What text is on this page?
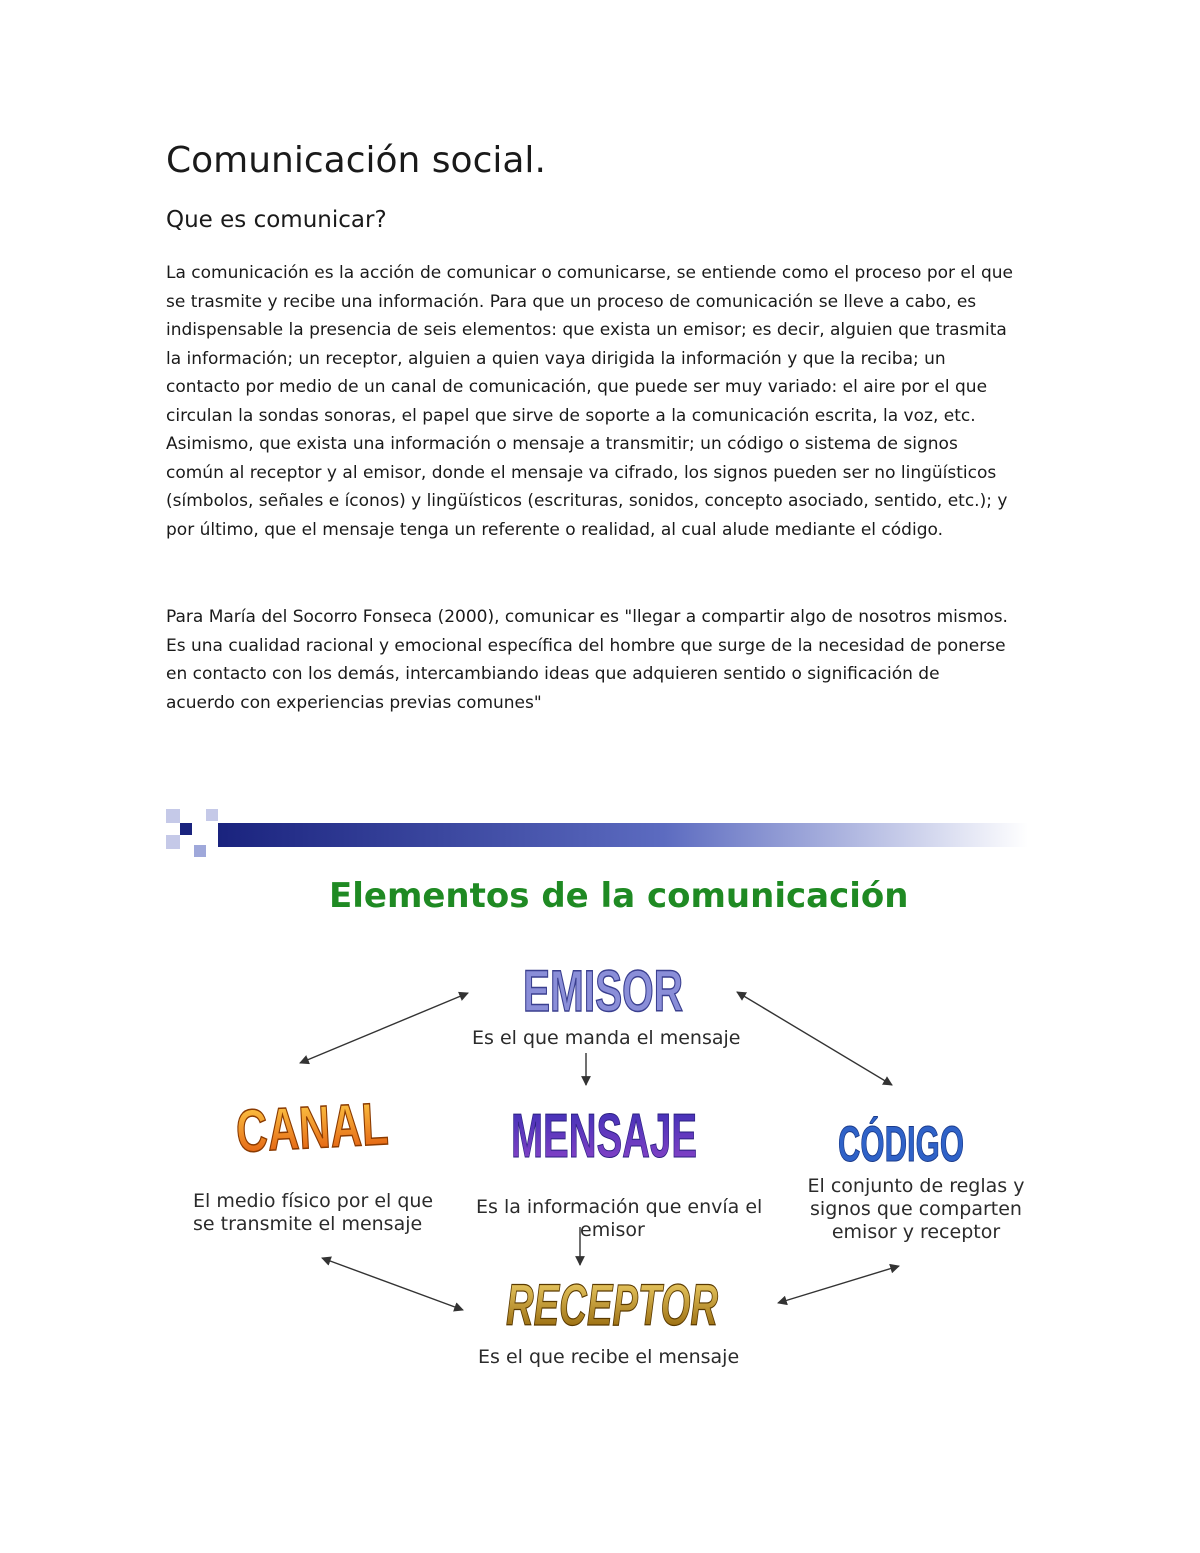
Comunicación social.
Que es comunicar?
La comunicación es la acción de comunicar o comunicarse, se entiende como el proceso por el que
se trasmite y recibe una información. Para que un proceso de comunicación se lleve a cabo, es
indispensable la presencia de seis elementos: que exista un emisor; es decir, alguien que trasmita
la información; un receptor, alguien a quien vaya dirigida la información y que la reciba; un
contacto por medio de un canal de comunicación, que puede ser muy variado: el aire por el que
circulan la sondas sonoras, el papel que sirve de soporte a la comunicación escrita, la voz, etc.
Asimismo, que exista una información o mensaje a transmitir; un código o sistema de signos
común al receptor y al emisor, donde el mensaje va cifrado, los signos pueden ser no lingüísticos
(símbolos, señales e íconos) y lingüísticos (escrituras, sonidos, concepto asociado, sentido, etc.); y
por último, que el mensaje tenga un referente o realidad, al cual alude mediante el código.
Para María del Socorro Fonseca (2000), comunicar es "llegar a compartir algo de nosotros mismos.
Es una cualidad racional y emocional específica del hombre que surge de la necesidad de ponerse
en contacto con los demás, intercambiando ideas que adquieren sentido o significación de
acuerdo con experiencias previas comunes"
Elementos de la comunicación
EMISOR
Es el que manda el mensaje
CANAL
El medio físico por el que
se transmite el mensaje
MENSAJE
Es la información que envía el
emisor
CÓDIGO
El conjunto de reglas y
signos que comparten
emisor y receptor
RECEPTOR
Es el que recibe el mensaje
